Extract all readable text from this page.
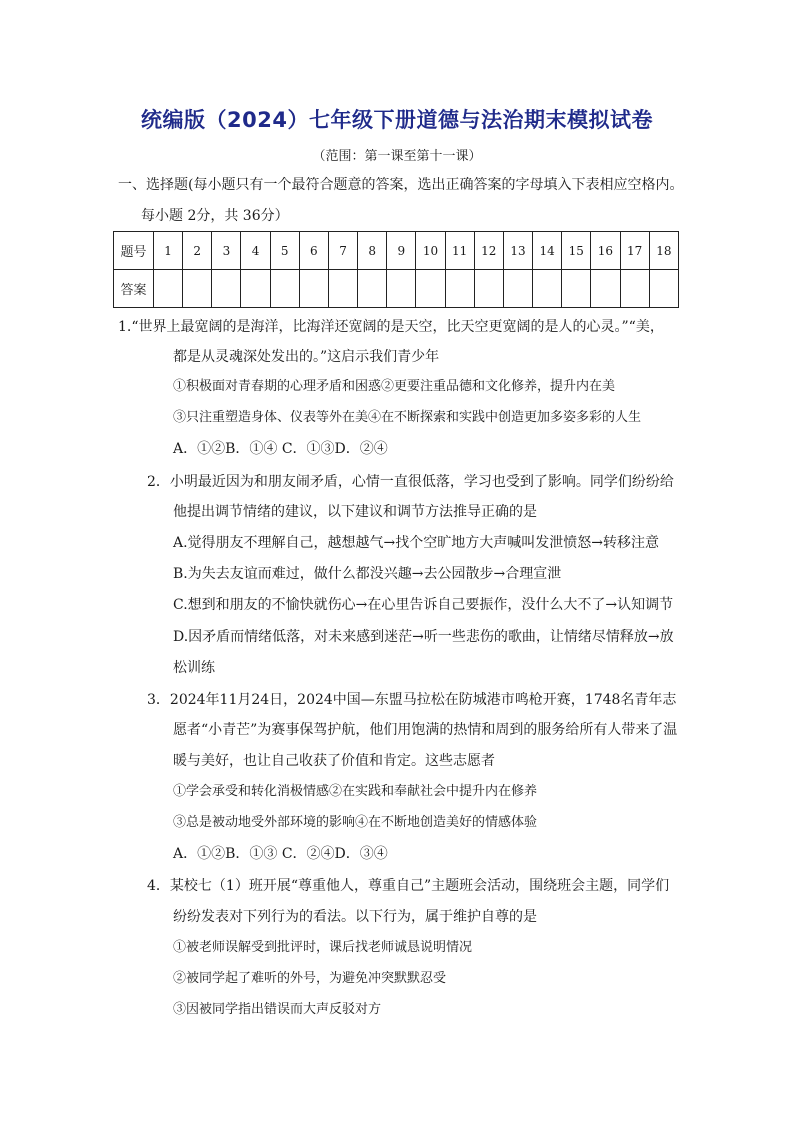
统编版（2024）七年级下册道德与法治期末模拟试卷
（范围：第一课至第十一课）
一、选择题(每小题只有一个最符合题意的答案，选出正确答案的字母填入下表相应空格内。
每小题 2分，共 36分）
题号	1	2	3	4	5	6	7	8	9	10	11	12	13	14	15	16	17	18
答案																		
1.“世界上最宽阔的是海洋，比海洋还宽阔的是天空，比天空更宽阔的是人的心灵。”“美，
都是从灵魂深处发出的。”这启示我们青少年
①积极面对青春期的心理矛盾和困惑②更要注重品德和文化修养，提升内在美
③只注重塑造身体、仪表等外在美④在不断探索和实践中创造更加多姿多彩的人生
A．①②B．①④ C．①③D．②④
2．小明最近因为和朋友闹矛盾，心情一直很低落，学习也受到了影响。同学们纷纷给
他提出调节情绪的建议，以下建议和调节方法推导正确的是
A.觉得朋友不理解自己，越想越气→找个空旷地方大声喊叫发泄愤怒→转移注意
B.为失去友谊而难过，做什么都没兴趣→去公园散步→合理宣泄
C.想到和朋友的不愉快就伤心→在心里告诉自己要振作，没什么大不了→认知调节
D.因矛盾而情绪低落，对未来感到迷茫→听一些悲伤的歌曲，让情绪尽情释放→放
松训练
3．2024年11月24日，2024中国—东盟马拉松在防城港市鸣枪开赛，1748名青年志
愿者“小青芒”为赛事保驾护航，他们用饱满的热情和周到的服务给所有人带来了温
暖与美好，也让自己收获了价值和肯定。这些志愿者
①学会承受和转化消极情感②在实践和奉献社会中提升内在修养
③总是被动地受外部环境的影响④在不断地创造美好的情感体验
A．①②B．①③ C．②④D．③④
4．某校七（1）班开展“尊重他人，尊重自己”主题班会活动，围绕班会主题，同学们
纷纷发表对下列行为的看法。以下行为，属于维护自尊的是
①被老师误解受到批评时，课后找老师诚恳说明情况
②被同学起了难听的外号，为避免冲突默默忍受
③因被同学指出错误而大声反驳对方
